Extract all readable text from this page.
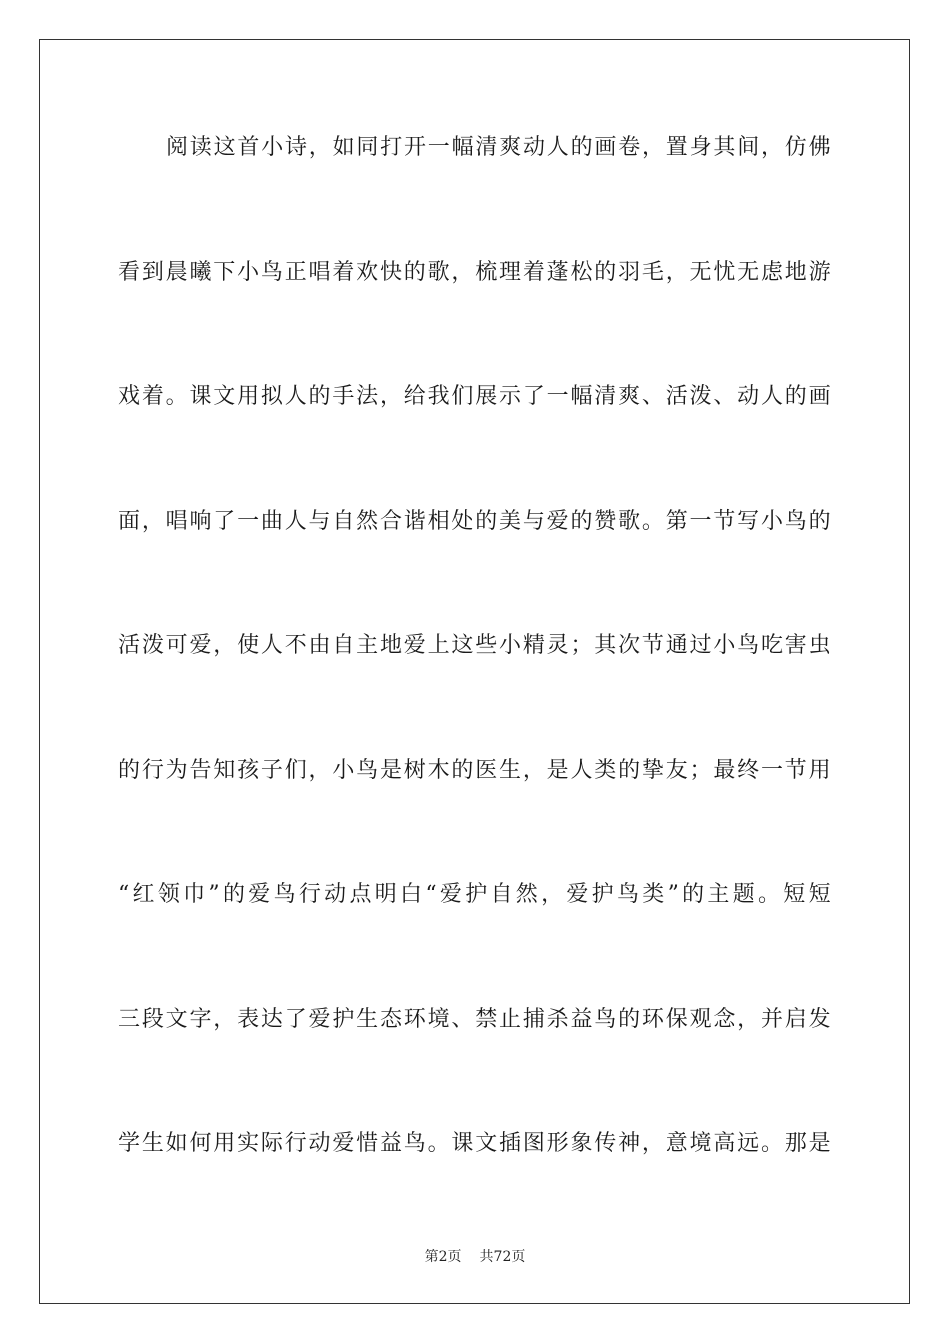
阅读这首小诗，如同打开一幅清爽动人的画卷，置身其间，仿佛
看到晨曦下小鸟正唱着欢快的歌，梳理着蓬松的羽毛，无忧无虑地游
戏着。课文用拟人的手法，给我们展示了一幅清爽、活泼、动人的画
面，唱响了一曲人与自然合谐相处的美与爱的赞歌。第一节写小鸟的
活泼可爱，使人不由自主地爱上这些小精灵；其次节通过小鸟吃害虫
的行为告知孩子们，小鸟是树木的医生，是人类的挚友；最终一节用
“红领巾”的爱鸟行动点明白“爱护自然，爱护鸟类”的主题。短短
三段文字，表达了爱护生态环境、禁止捕杀益鸟的环保观念，并启发
学生如何用实际行动爱惜益鸟。课文插图形象传神，意境高远。那是
第2页 共72页
